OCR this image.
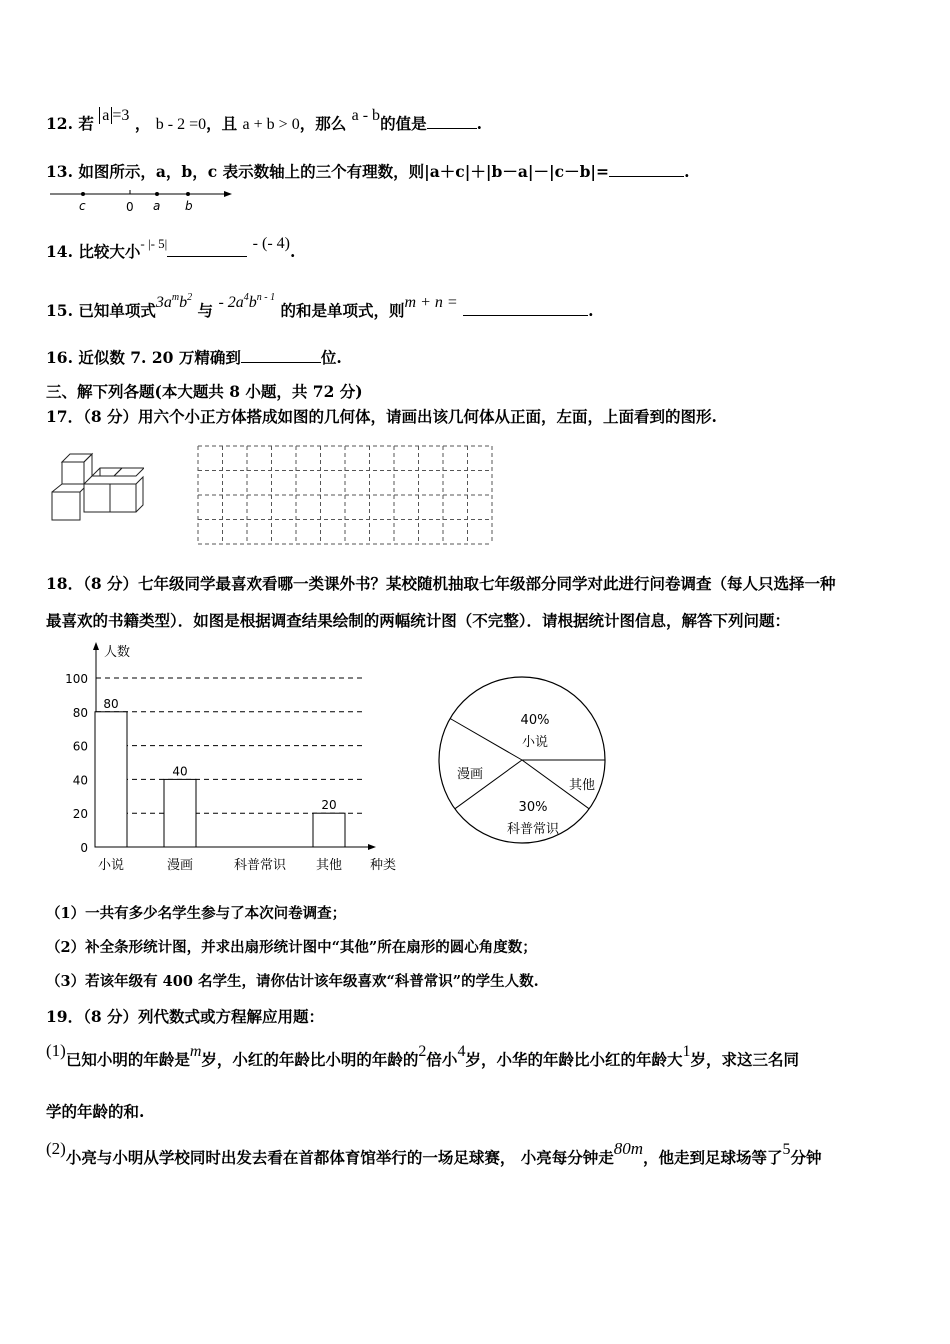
12. 若 a =3 ， b - 2 =0，且 a + b > 0，那么 a - b的值是	.
13. 如图所示，a，b，c 表示数轴上的三个有理数，则|a＋c|＋|b－a|－|c－b|=	.
c	0 a b
14. 比较大小$^{- |- 5|}$	- (- 4).
15. 已知单项式$3a^mb^2$ 与 - $2a^4b^{n - 1}$ 的和是单项式，则m + n =	.
16. 近似数 7. 20 万精确到	位.
三、解下列各题(本大题共 8 小题，共 72 分)
17．（8 分）用六个小正方体搭成如图的几何体，请画出该几何体从正面，左面，上面看到的图形.
18．（8 分）七年级同学最喜欢看哪一类课外书？某校随机抽取七年级部分同学对此进行问卷调查（每人只选择一种
最喜欢的书籍类型）．如图是根据调查结果绘制的两幅统计图（不完整）．请根据统计图信息，解答下列问题：
人数
种类
0
20
40
60
80
100
小说
80
漫画
40
科普常识 其他
20
40%
小说
漫画
30%
科普常识
其他
（1）一共有多少名学生参与了本次问卷调查；
（2）补全条形统计图，并求出扇形统计图中“其他”所在扇形的圆心角度数；
（3）若该年级有 400 名学生，请你估计该年级喜欢“科普常识”的学生人数.
19．（8 分）列代数式或方程解应用题：
(1)已知小明的年龄是m岁，小红的年龄比小明的年龄的2倍小4岁，小华的年龄比小红的年龄大1岁，求这三名同
学的年龄的和.
(2)小亮与小明从学校同时出发去看在首都体育馆举行的一场足球赛， 小亮每分钟走80m，他走到足球场等了5分钟
